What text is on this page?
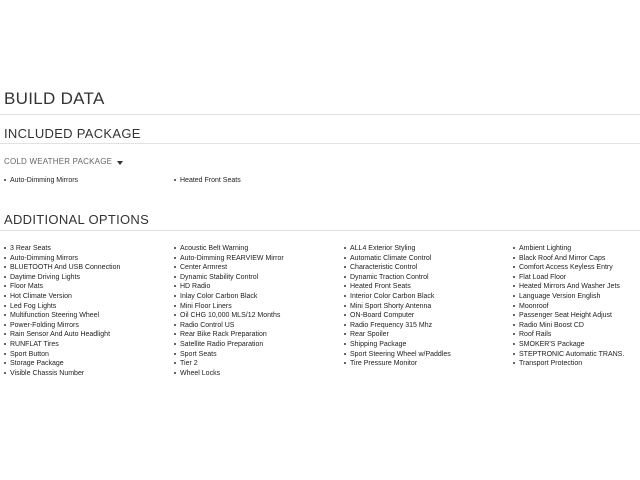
BUILD DATA
INCLUDED PACKAGE
COLD WEATHER PACKAGE
Auto-Dimming Mirrors	Heated Front Seats
ADDITIONAL OPTIONS
3 Rear Seats
Auto-Dimming Mirrors
BLUETOOTH And USB Connection
Daytime Driving Lights
Floor Mats
Hot Climate Version
Led Fog Lights
Multifunction Steering Wheel
Power-Folding Mirrors
Rain Sensor And Auto Headlight
RUNFLAT Tires
Sport Button
Storage Package
Visible Chassis Number
Acoustic Belt Warning
Auto-Dimming REARVIEW Mirror
Center Armrest
Dynamic Stability Control
HD Radio
Inlay Color Carbon Black
Mini Floor Liners
Oil CHG 10,000 MLS/12 Months
Radio Control US
Rear Bike Rack Preparation
Satellite Radio Preparation
Sport Seats
Tier 2
Wheel Locks
ALL4 Exterior Styling
Automatic Climate Control
Characteristic Control
Dynamic Traction Control
Heated Front Seats
Interior Color Carbon Black
Mini Sport Shorty Antenna
ON-Board Computer
Radio Frequency 315 Mhz
Rear Spoiler
Shipping Package
Sport Steering Wheel w/Paddles
Tire Pressure Monitor
Ambient Lighting
Black Roof And Mirror Caps
Comfort Access Keyless Entry
Flat Load Floor
Heated Mirrors And Washer Jets
Language Version English
Moonroof
Passenger Seat Height Adjust
Radio Mini Boost CD
Roof Rails
SMOKER'S Package
STEPTRONIC Automatic TRANS.
Transport Protection
